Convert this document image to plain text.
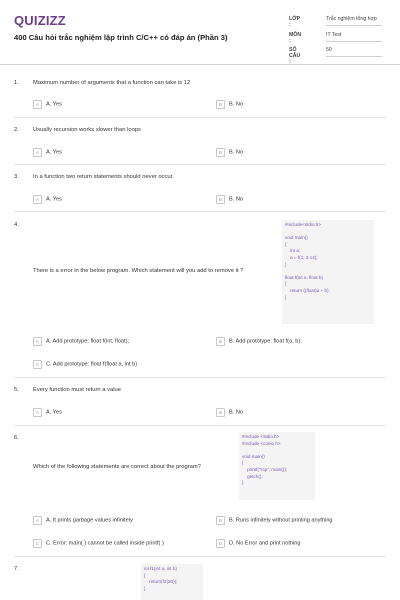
QUIZIZZ
400 Câu hỏi trắc nghiệm lập trình C/C++ có đáp án (Phần 3)
LỚP :
Trắc nghiệm tổng hợp
MÔN :
IT Test
SỐ CÂU :
50
1. Maximum number of arguments that a function can take is 12
A A. Yes	B B. No
2. Usually recursion works slower than loops
A A. Yes	B B. No
3. In a function two return statements should never occur.
A A. Yes	B B. No
4.	#include<stdio.h>

void main()
{
int a;
a = f(1, 3.14);
}

float f(int a, float b)
{
return ((float)a + b);
}
There is a error in the below program. Which statement will you add to remove it ?
A A. Add prototype: float f(int, float);	B B. Add prototype: float f(a, b);
C C. Add prototype: float f(float a, int b)
5. Every function must return a value
A A. Yes	B B. No
6.	#include <stdio.h>
#include <conio.h>

void main()
{
printf("%p", main());
getch();
}
Which of the following statements are correct about the program?
A A. It prints garbage values infinitely	B B. Runs infinitely without printing anything
C C. Error: main( ) cannot be called inside printf( )	D D. No Error and print nothing
7.	int f1(int a, int b)
{
return(f2(20));
}
